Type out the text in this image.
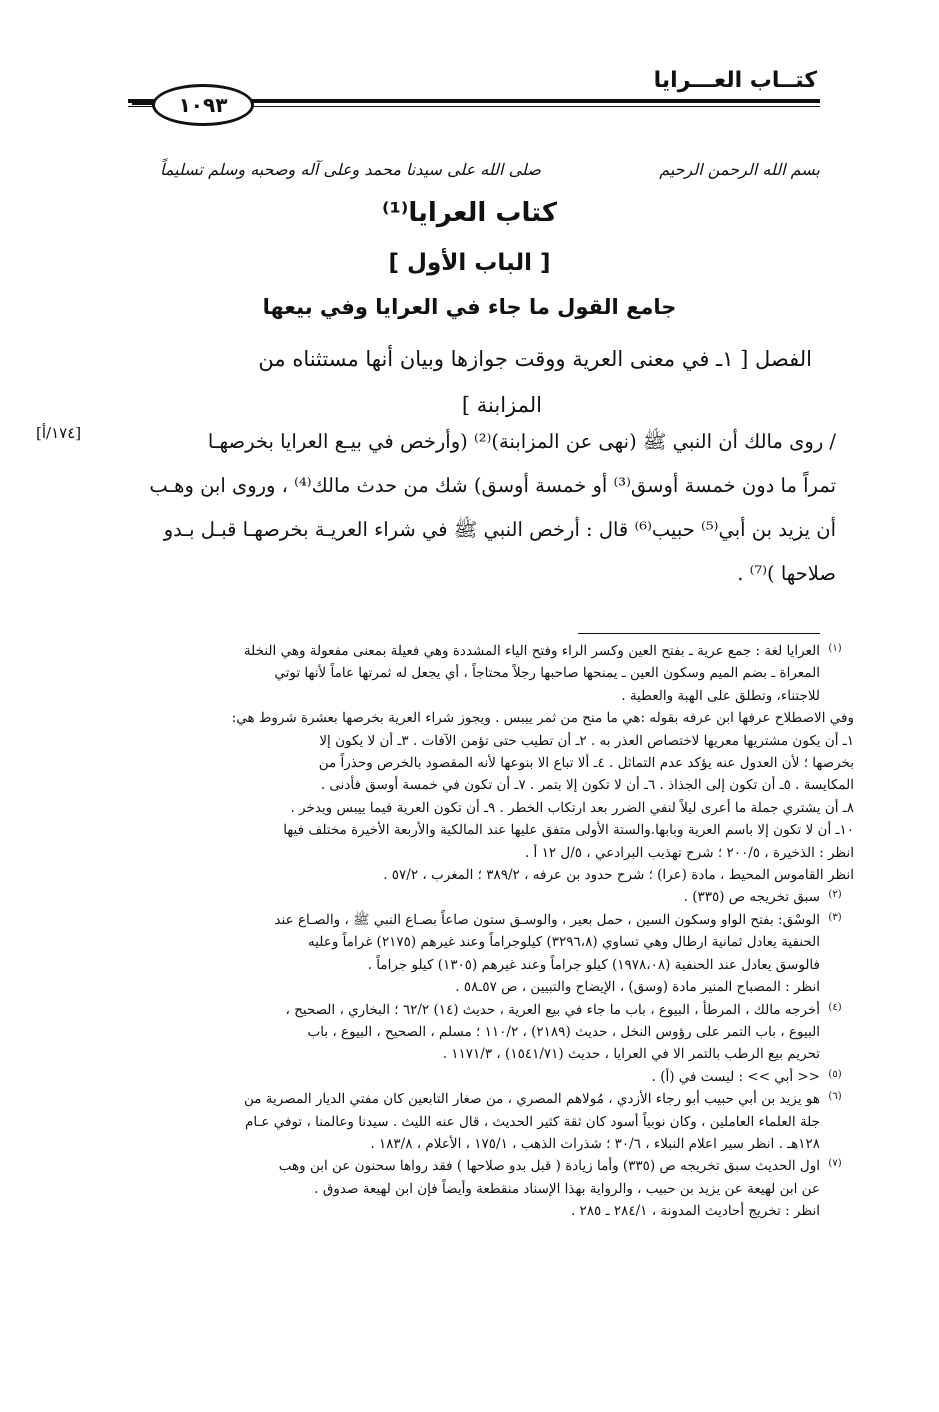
كتــاب العـــرايا
١٠٩٣
بسم الله الرحمن الرحيم
صلى الله على سيدنا محمد وعلى آله وصحبه وسلم تسليماً
كتاب العرايا⁽¹⁾
[ الباب الأول ]
جامع القول ما جاء في العرايا وفي بيعها
الفصل [ ١ـ في معنى العرية ووقت جوازها وبيان أنها مستثناه من
المزابنة ]
[١٧٤/أ]	/ روى مالك أن النبي ﷺ (نهى عن المزابنة)⁽²⁾ (وأرخص في بيـع العرايا بخرصهـا
تمراً ما دون خمسة أوسق⁽³⁾ أو خمسة أوسق) شك من حدث مالك⁽⁴⁾ ، وروى ابن وهـب
أن يزيد بن أبي⁽⁵⁾ حبيب⁽⁶⁾ قال : أرخص النبي ﷺ في شراء العريـة بخرصهـا قبـل بـدو
صلاحها )⁽⁷⁾ .
(١)
العرايا لغة : جمع عرية ـ بفتح العين وكسر الراء وفتح الياء المشددة وهي فعيلة بمعنى مفعولة وهي النخلة
المعراة ـ بضم الميم وسكون العين ـ يمنحها صاحبها رجلاً محتاجاً ، أي يجعل له ثمرتها عاماً لأنها توتي
للاجتناء، وتطلق على الهبة والعطية .
وفي الاصطلاح عرفها ابن عرفه بقوله :هي ما منح من ثمر ييبس . ويجوز شراء العرية بخرصها بعشرة شروط هي:
١ـ أن يكون مشتريها معريها لاختصاص العذر به . ٢ـ أن تطيب حتى تؤمن الآفات . ٣ـ أن لا يكون إلا
بخرصها ؛ لأن العدول عنه يؤكد عدم التماثل . ٤ـ ألا تباع الا بنوعها لأنه المقصود بالخرص وحذراً من
المكايسة . ٥ـ أن تكون إلى الجذاذ . ٦ـ أن لا تكون إلا بتمر . ٧ـ أن تكون في خمسة أوسق فأدنى .
٨ـ أن يشتري جملة ما أعرى ليلاً لنفي الضرر بعد ارتكاب الخطر . ٩ـ أن تكون العرية فيما ييبس ويدخر .
١٠ـ أن لا تكون إلا باسم العرية وبابها.والستة الأولى متفق عليها عند المالكية والأربعة الأخيرة مختلف فيها
انظر : الذخيرة ، ٢٠٠/٥ ؛ شرح تهذيب البرادعي ، ٥/ل ١٢ أ .
انظر القاموس المحيط ، مادة (عرا) ؛ شرح حدود بن عرفه ، ٣٨٩/٢ ؛ المغرب ، ٥٧/٢ .
(٢)
سبق تخريجه ص (٣٣٥) .
(٣)
الوسْق: بفتح الواو وسكون السين ، حمل بعير ، والوسـق ستون صاعاً بصـاع النبي ﷺ ، والصـاع عند
الحنفية يعادل ثمانية ارطال وهي تساوي (٣٢٩٦،٨) كيلوجراماً وعند غيرهم (٢١٧٥) غراماً وعليه
فالوسق يعادل عند الحنفية (١٩٧٨،٠٨) كيلو جراماً وعند غيرهم (١٣٠٥) كيلو جراماً .
انظر : المصباح المنير مادة (وسق) ، الإيضاح والتبيين ، ص ٥٧ـ٥٨ .
(٤)
أخرجه مالك ، المرطأ ، البيوع ، باب ما جاء في بيع العرية ، حديث (١٤) ٦٢/٢ ؛ البخاري ، الصحيح ،
البيوع ، باب التمر على رؤوس النخل ، حديث (٢١٨٩) ، ١١٠/٢ ؛ مسلم ، الصحيح ، البيوع ، باب
تحريم بيع الرطب بالتمر الا في العرايا ، حديث (١٥٤١/٧١) ، ١١٧١/٣ .
(٥)
<< أبي >> : ليست في (أ) .
(٦)
هو يزيد بن أبي حبيب أبو رجاء الأزدي ، مُولاهم المصري ، من صغار التابعين كان مفتي الديار المصرية من
جلة العلماء العاملين ، وكان نوبياً أسود كان ثقة كثير الحديث ، قال عنه الليث . سيدنا وعالمنا ، توفي عـام
١٢٨هـ . انظر سير اعلام النبلاء ، ٣٠/٦ ؛ شذرات الذهب ، ١٧٥/١ ، الأعلام ، ١٨٣/٨ .
(٧)
اول الحديث سبق تخريجه ص (٣٣٥) وأما زيادة ( قبل بدو صلاحها ) فقد رواها سحنون عن ابن وهب
عن ابن لهيعة عن يزيد بن حبيب ، والرواية بهذا الإسناد منقطعة وأيضاً فإن ابن لهيعة صدوق .
انظر : تخريج أحاديث المدونة ، ٢٨٤/١ ـ ٢٨٥ .
